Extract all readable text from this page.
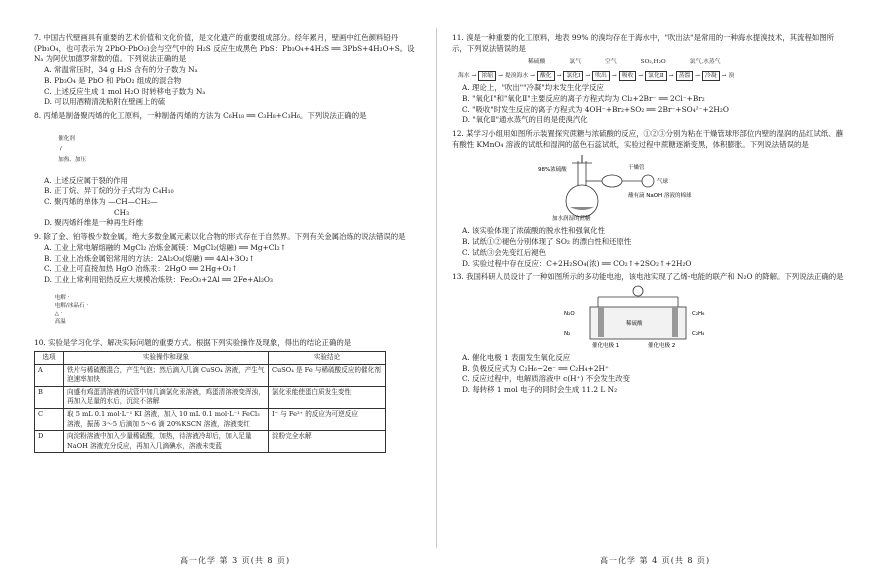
7. 中国古代壁画具有重要的艺术价值和文化价值，是文化遗产的重要组成部分。经年累月，壁画中红色颜料铅丹(Pb₃O₄，也可表示为 2PbO·PbO₂)会与空气中的 H₂S 反应生成黑色 PbS：Pb₃O₄+4H₂S ══ 3PbS+4H₂O+S。设 Nₐ 为阿伏加德罗常数的值。下列说法正确的是

A. 常温常压时，34 g H₂S 含有的分子数为 Nₐ

B. Pb₃O₄ 是 PbO 和 PbO₂ 组成的混合物

C. 上述反应生成 1 mol H₂O 时转移电子数为 Nₐ

D. 可以用酒精清洗粘附在壁画上的硫

8. 丙烯是制备聚丙烯的化工原料，一种制备丙烯的方法为 C₆H₁₈ ══ C₃H₈+C₃H₆。下列说法正确的是

催化剂
/
加热、加压

A. 上述反应属于裂的作用

B. 正丁烷、异丁烷的分子式均为 C₄H₁₀

C. 聚丙烯的单体为 —CH—CH₂—

CH₃

D. 聚丙烯纤维是一种再生纤维

9. 除了金、铂等极少数金属，绝大多数金属元素以化合物的形式存在于自然界。下列有关金属冶炼的说法错误的是

A. 工业上常电解熔融的 MgCl₂ 冶炼金属镁：MgCl₂(熔融) ══ Mg+Cl₂↑

B. 工业上冶炼金属铝常用的方法：2Al₂O₃(熔融) ══ 4Al+3O₂↑

C. 工业上可直接加热 HgO 冶炼汞：2HgO ══ 2Hg+O₂↑

D. 工业上常利用铝热反应大规模冶炼铁：Fe₂O₃+2Al ══ 2Fe+Al₂O₃

电解 ·
电解/冰晶石 ·
△ ·
高温

10. 实验是学习化学、解决实际问题的重要方式。根据下列实验操作及现象，得出的结论正确的是

选项	实验操作和现象	实验结论
A	铁片与稀硫酸混合，产生气泡；然后滴入几滴 CuSO₄ 溶液，产生气泡速率加快	CuSO₄ 是 Fe 与稀硫酸反应的催化剂
B	向盛有鸡蛋清溶液的试管中加几滴氯化汞溶液，鸡蛋清溶液变浑浊，再加入足量的水后，沉淀不溶解	氯化汞能使蛋白质发生变性
C	取 5 mL 0.1 mol·L⁻¹ KI 溶液，加入 10 mL 0.1 mol·L⁻¹ FeCl₃ 溶液，振荡 3～5 后滴加 5～6 滴 20%KSCN 溶液，溶液变红	I⁻ 与 Fe³⁺ 的反应为可逆反应
D	向淀粉溶液中加入少量稀硫酸，加热，待溶液冷却后，加入足量 NaOH 溶液充分反应，再加入几滴碘水，溶液未变蓝	淀粉完全水解
高一化学 第 3 页(共 8 页)

11. 溴是一种重要的化工原料，地表 99% 的溴均存在于海水中，"吹出法"是常用的一种海水提溴技术，其流程如图所示，下列说法错误的是

稀硫酸	氯气	空气	SO₂,H₂O	氯气,水蒸气
海水 → 浓缩 → 提溴海水 → 酸化 → 氯化Ⅰ → 吹出 → 吸收 → 氯化Ⅱ → 蒸馏 → 冷凝 → 溴

A. 理论上，"吹出""冷凝"均未发生化学反应

B. "氧化Ⅰ"和"氧化Ⅱ"主要反应的离子方程式均为 Cl₂+2Br⁻ ══ 2Cl⁻+Br₂

C. "吸收"时发生反应的离子方程式为 4OH⁻+Br₂+SO₂ ══ 2Br⁻+SO₄²⁻+2H₂O

D. "氧化Ⅱ"通水蒸气的目的是使溴汽化

12. 某学习小组用如图所示装置探究蔗糖与浓硫酸的反应，①②③分别为粘在干燥管球形部位内壁的湿润的品红试纸、蘸有酸性 KMnO₄ 溶液的试纸和湿润的蓝色石蕊试纸，实验过程中蔗糖逐渐变黑，体积膨胀。下列说法错误的是

98%浓硫酸	干燥管
气球
蘸有滴 NaOH 溶液的棉球
加水润湿的蔗糖

A. 该实验体现了浓硫酸的脱水性和强氧化性

B. 试纸①②褪色分别体现了 SO₂ 的漂白性和还原性

C. 试纸③会先变红后褪色

D. 实验过程中存在反应：C+2H₂SO₄(浓) ══ CO₂↑+2SO₂↑+2H₂O

13. 我国科研人员设计了一种如图所示的多功能电池，该电池实现了乙烯-电能的联产和 N₂O 的降解。下列说法正确的是

N₂O
N₂
稀硫酸
C₂H₆
C₂H₄
催化电极 1	催化电极 2

A. 催化电极 1 表面发生氧化反应

B. 负极反应式为 C₂H₆−2e⁻ ══ C₂H₄+2H⁺

C. 反应过程中，电解质溶液中 c(H⁺) 不会发生改变

D. 每转移 1 mol 电子的同时会生成 11.2 L N₂

高一化学 第 4 页(共 8 页)
